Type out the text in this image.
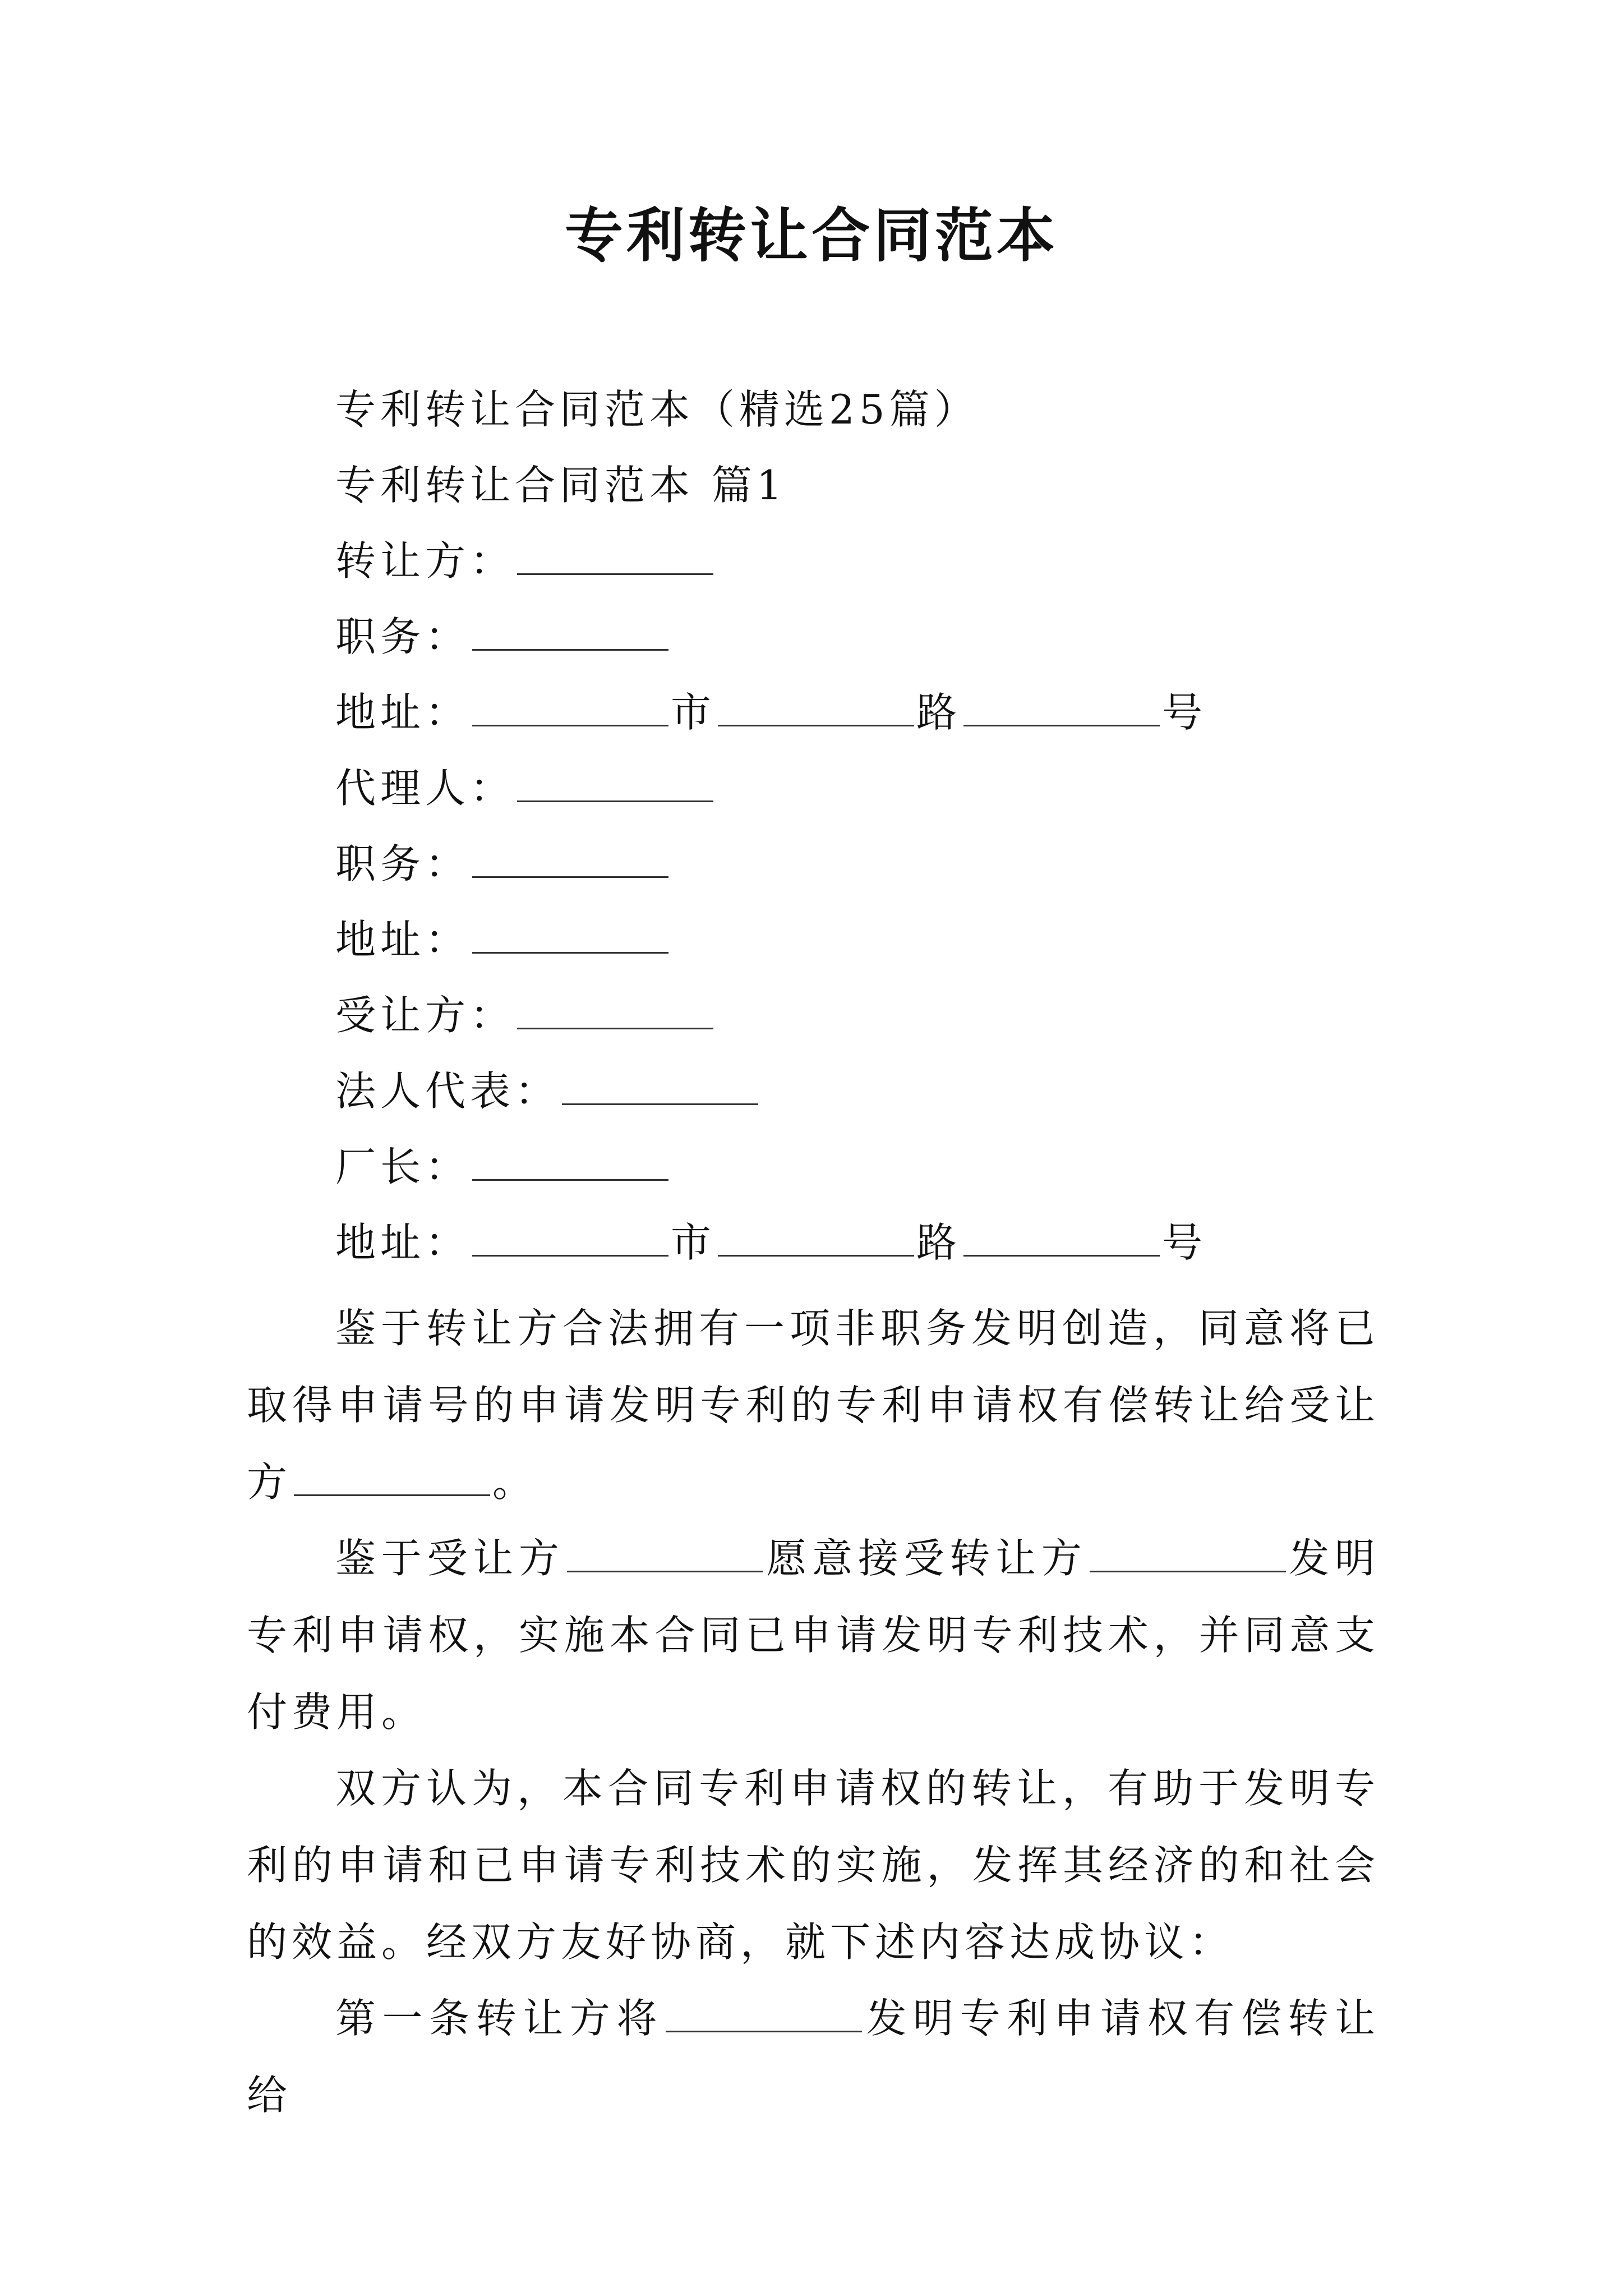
专利转让合同范本
专利转让合同范本（精选25篇）
专利转让合同范本 篇1
转让方：
职务：
地址：	市	路	号
代理人：
职务：
地址：
受让方：
法人代表：
厂长：
地址：	市	路	号
鉴于转让方合法拥有一项非职务发明创造，同意将已取得申请号的申请发明专利的专利申请权有偿转让给受让方	。
鉴于受让方	愿意接受转让方	发明专利申请权，实施本合同已申请发明专利技术，并同意支付费用。
双方认为，本合同专利申请权的转让，有助于发明专利的申请和已申请专利技术的实施，发挥其经济的和社会的效益。经双方友好协商，就下述内容达成协议：
第一条转让方将	发明专利申请权有偿转让给
